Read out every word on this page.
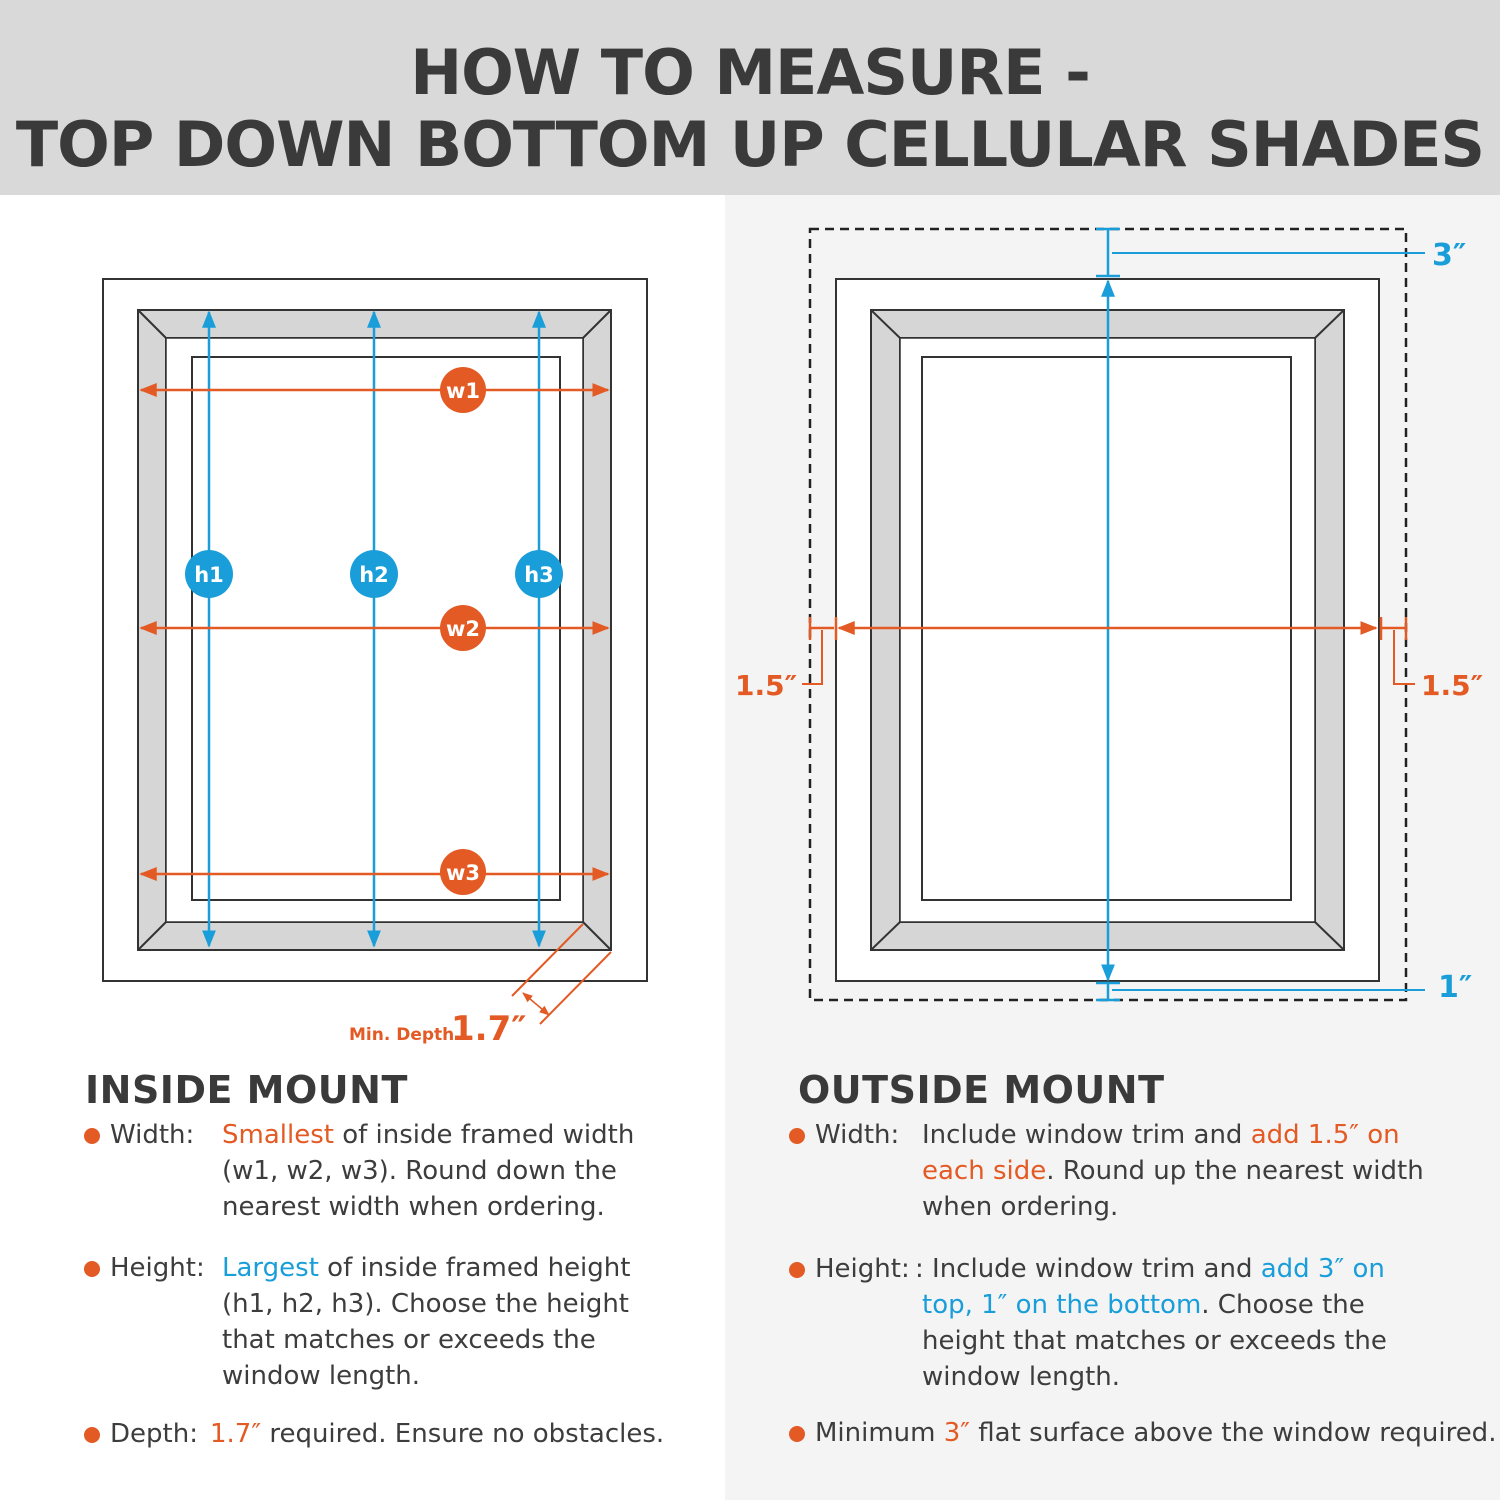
HOW TO MEASURE -
TOP DOWN BOTTOM UP CELLULAR SHADES
w1
w2
w3
h1	h2	h3
Min. Depth
1.7″
3″
1″
1.5″	1.5″
INSIDE MOUNT
Width: Smallest of inside framed width
(w1, w2, w3). Round down the
nearest width when ordering.
Height: Largest of inside framed height
(h1, h2, h3). Choose the height
that matches or exceeds the
window length.
Depth: 1.7″ required. Ensure no obstacles.
OUTSIDE MOUNT
Width: Include window trim and add 1.5″ on
each side. Round up the nearest width
when ordering.
Height: : Include window trim and add 3″ on
top, 1″ on the bottom. Choose the
height that matches or exceeds the
window length.
Minimum 3″ flat surface above the window required.
